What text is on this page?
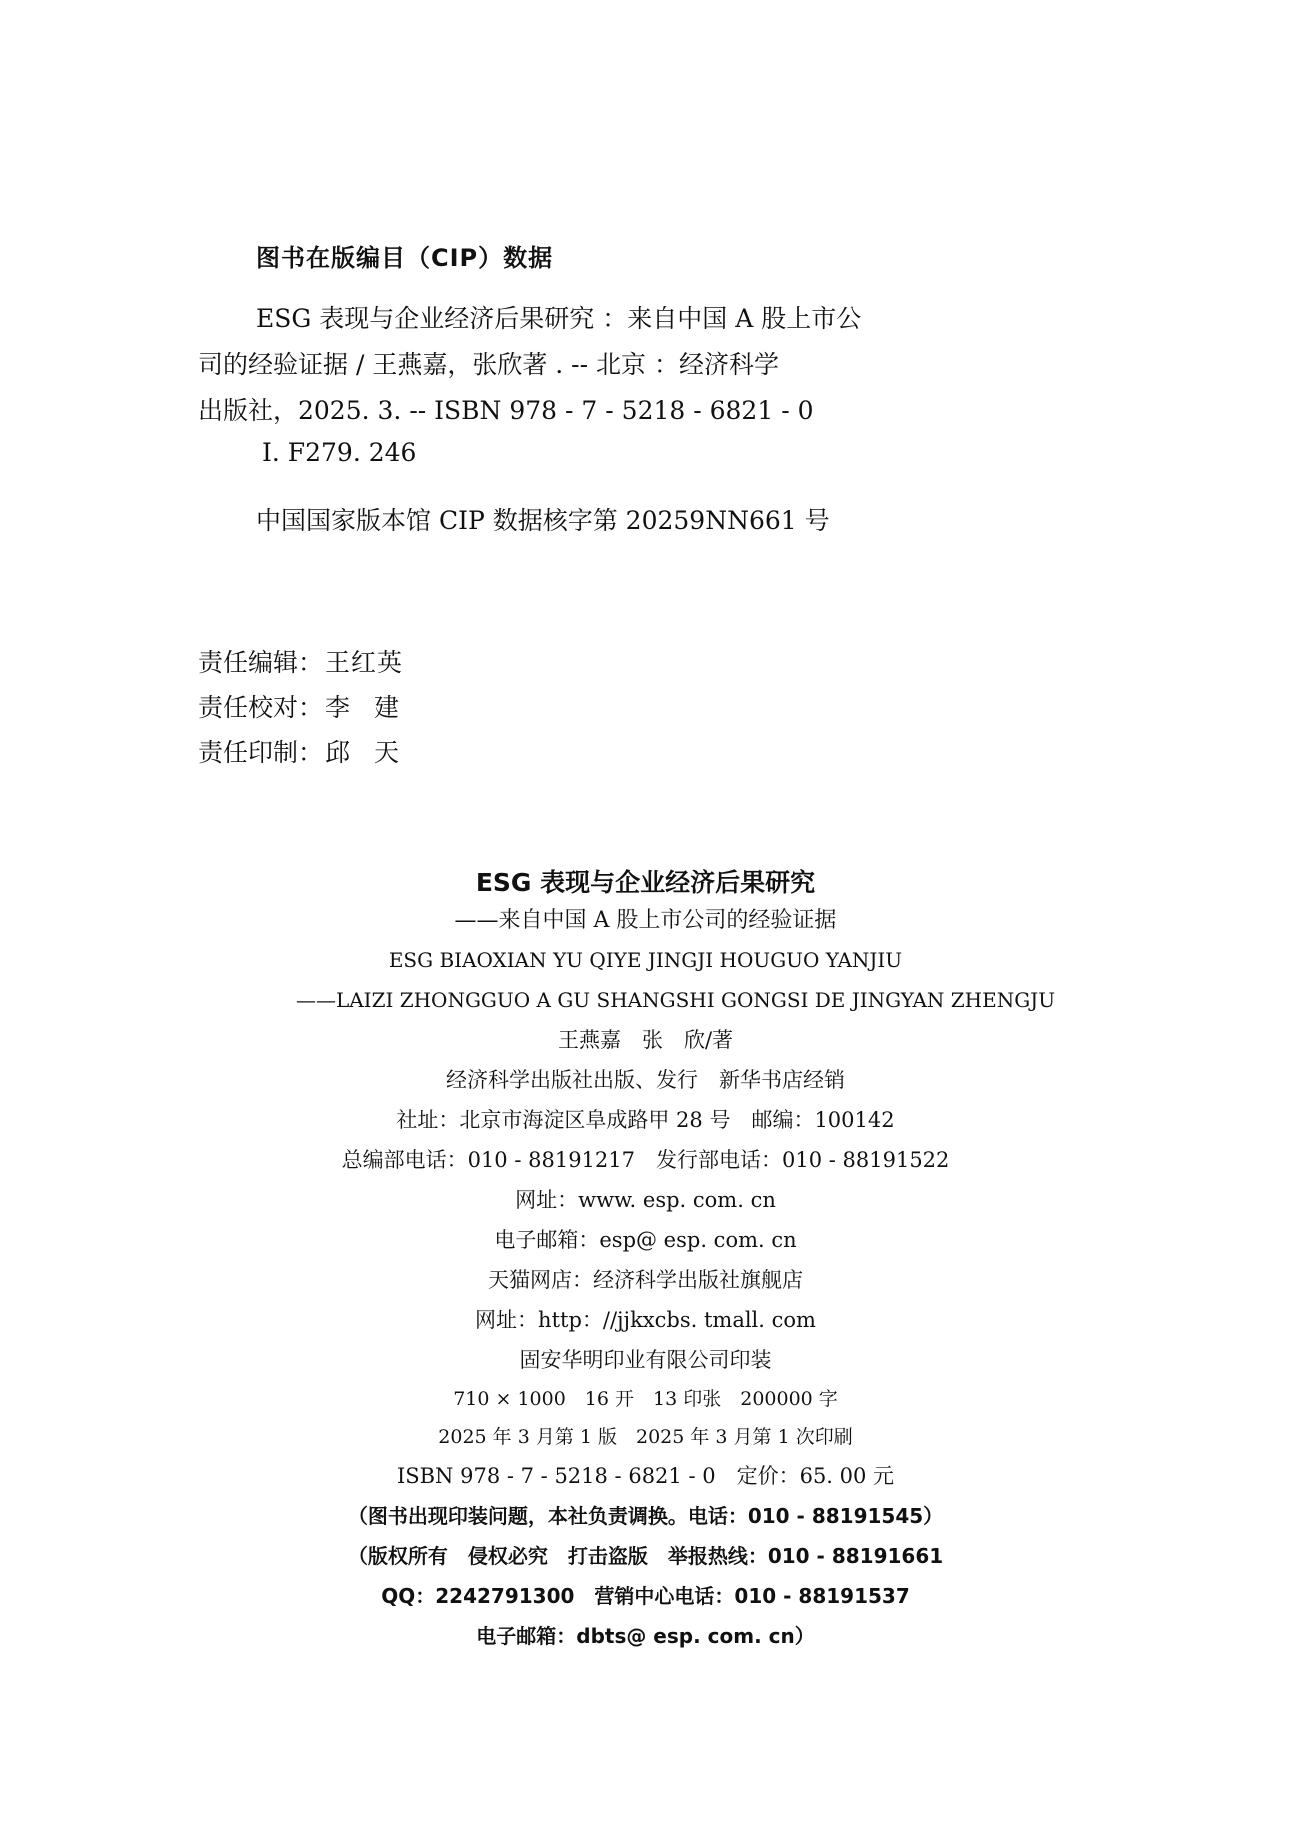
图书在版编目（CIP）数据

ESG 表现与企业经济后果研究 ：来自中国 A 股上市公
司的经验证据 / 王燕嘉，张欣著 . -- 北京 ：经济科学
出版社，2025. 3. -- ISBN 978 - 7 - 5218 - 6821 - 0

Ⅰ. F279. 246

中国国家版本馆 CIP 数据核字第 20259NN661 号

责任编辑：王红英
责任校对：李建
责任印制：邱天
ESG 表现与企业经济后果研究
——来自中国 A 股上市公司的经验证据
ESG BIAOXIAN YU QIYE JINGJI HOUGUO YANJIU
——LAIZI ZHONGGUO A GU SHANGSHI GONGSI DE JINGYAN ZHENGJU
王燕嘉　张　欣/著
经济科学出版社出版、发行　新华书店经销
社址：北京市海淀区阜成路甲 28 号　邮编：100142
总编部电话：010 - 88191217　发行部电话：010 - 88191522
网址：www. esp. com. cn
电子邮箱：esp@ esp. com. cn
天猫网店：经济科学出版社旗舰店
网址：http：//jjkxcbs. tmall. com
固安华明印业有限公司印装
710 × 1000　16 开　13 印张　200000 字
2025 年 3 月第 1 版　2025 年 3 月第 1 次印刷
ISBN 978 - 7 - 5218 - 6821 - 0　定价：65. 00 元
（图书出现印装问题，本社负责调换。电话：010 - 88191545）
（版权所有　侵权必究　打击盗版　举报热线：010 - 88191661
QQ：2242791300　营销中心电话：010 - 88191537
电子邮箱：dbts@ esp. com. cn）
